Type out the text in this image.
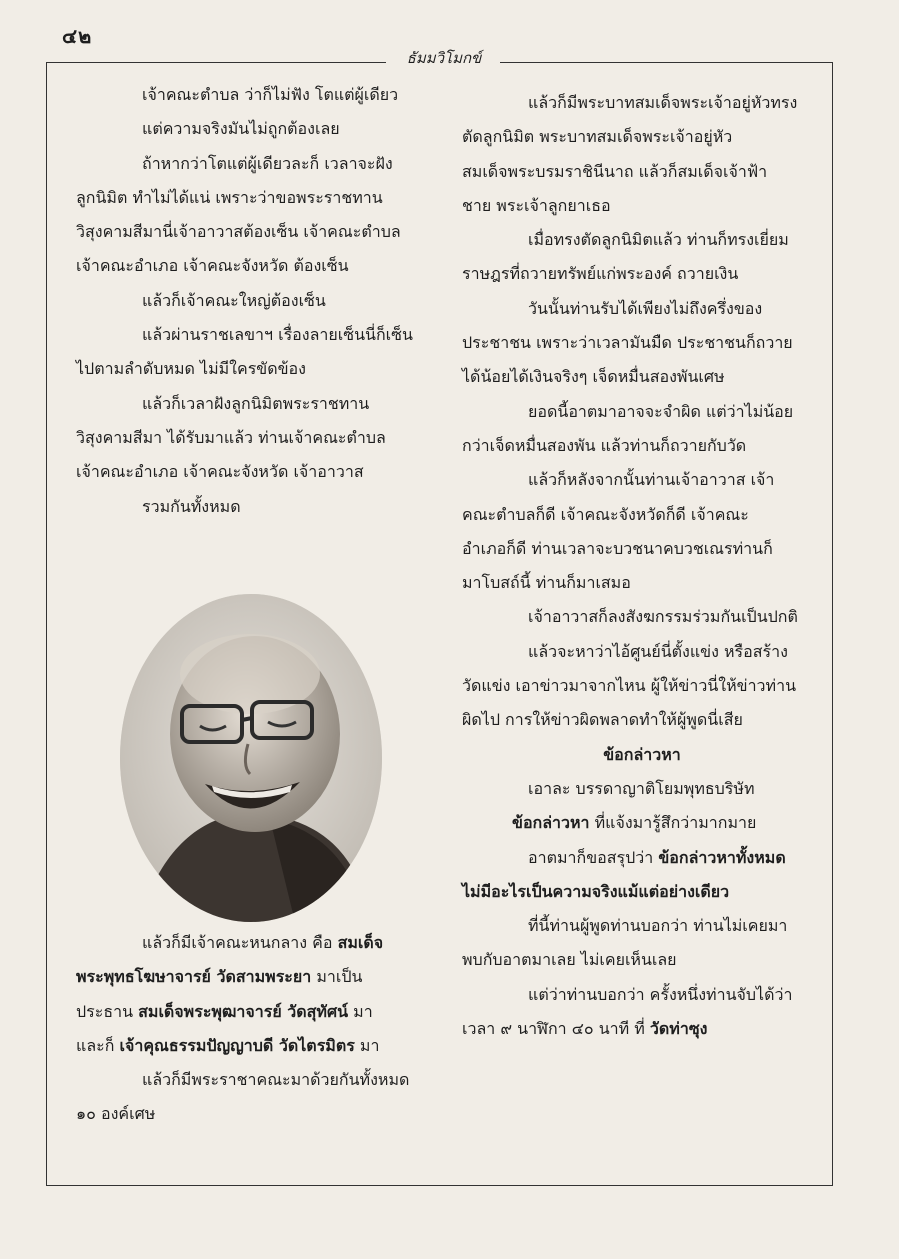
๔๒
ธัมมวิโมกข์

เจ้าคณะตำบล ว่าก็ไม่ฟัง โตแต่ผู้เดียว

แต่ความจริงมันไม่ถูกต้องเลย

ถ้าหากว่าโตแต่ผู้เดียวละก็ เวลาจะฝัง

ลูกนิมิต ทำไม่ได้แน่ เพราะว่าขอพระราชทาน

วิสุงคามสีมานี่เจ้าอาวาสต้องเซ็น เจ้าคณะตำบล

เจ้าคณะอำเภอ เจ้าคณะจังหวัด ต้องเซ็น

แล้วก็เจ้าคณะใหญ่ต้องเซ็น

แล้วผ่านราชเลขาฯ เรื่องลายเซ็นนี่ก็เซ็น

ไปตามลำดับหมด ไม่มีใครขัดข้อง

แล้วก็เวลาฝังลูกนิมิตพระราชทาน

วิสุงคามสีมา ได้รับมาแล้ว ท่านเจ้าคณะตำบล

เจ้าคณะอำเภอ เจ้าคณะจังหวัด เจ้าอาวาส

รวมกันทั้งหมด

แล้วก็มีเจ้าคณะหนกลาง คือ สมเด็จ

พระพุทธโฆษาจารย์ วัดสามพระยา มาเป็น

ประธาน สมเด็จพระพุฒาจารย์ วัดสุทัศน์ มา

และก็ เจ้าคุณธรรมปัญญาบดี วัดไตรมิตร มา

แล้วก็มีพระราชาคณะมาด้วยกันทั้งหมด

๑๐ องค์เศษ

แล้วก็มีพระบาทสมเด็จพระเจ้าอยู่หัวทรง

ตัดลูกนิมิต พระบาทสมเด็จพระเจ้าอยู่หัว

สมเด็จพระบรมราชินีนาถ แล้วก็สมเด็จเจ้าฟ้า

ชาย พระเจ้าลูกยาเธอ

เมื่อทรงตัดลูกนิมิตแล้ว ท่านก็ทรงเยี่ยม

ราษฎรที่ถวายทรัพย์แก่พระองค์ ถวายเงิน

วันนั้นท่านรับได้เพียงไม่ถึงครึ่งของ

ประชาชน เพราะว่าเวลามันมืด ประชาชนก็ถวาย

ได้น้อยได้เงินจริงๆ เจ็ดหมื่นสองพันเศษ

ยอดนี้อาตมาอาจจะจำผิด แต่ว่าไม่น้อย

กว่าเจ็ดหมื่นสองพัน แล้วท่านก็ถวายกับวัด

แล้วก็หลังจากนั้นท่านเจ้าอาวาส เจ้า

คณะตำบลก็ดี เจ้าคณะจังหวัดก็ดี เจ้าคณะ

อำเภอก็ดี ท่านเวลาจะบวชนาคบวชเณรท่านก็

มาโบสถ์นี้ ท่านก็มาเสมอ

เจ้าอาวาสก็ลงสังฆกรรมร่วมกันเป็นปกติ

แล้วจะหาว่าไอ้ศูนย์นี่ตั้งแข่ง หรือสร้าง

วัดแข่ง เอาข่าวมาจากไหน ผู้ให้ข่าวนี่ให้ข่าวท่าน

ผิดไป การให้ข่าวผิดพลาดทำให้ผู้พูดนี่เสีย

ข้อกล่าวหา

เอาละ บรรดาญาติโยมพุทธบริษัท

ข้อกล่าวหา ที่แจ้งมารู้สึกว่ามากมาย

อาตมาก็ขอสรุปว่า ข้อกล่าวหาทั้งหมด

ไม่มีอะไรเป็นความจริงแม้แต่อย่างเดียว

ที่นี้ท่านผู้พูดท่านบอกว่า ท่านไม่เคยมา

พบกับอาตมาเลย ไม่เคยเห็นเลย

แต่ว่าท่านบอกว่า ครั้งหนึ่งท่านจับได้ว่า

เวลา ๙ นาฬิกา ๔๐ นาที ที่ วัดท่าซุง
